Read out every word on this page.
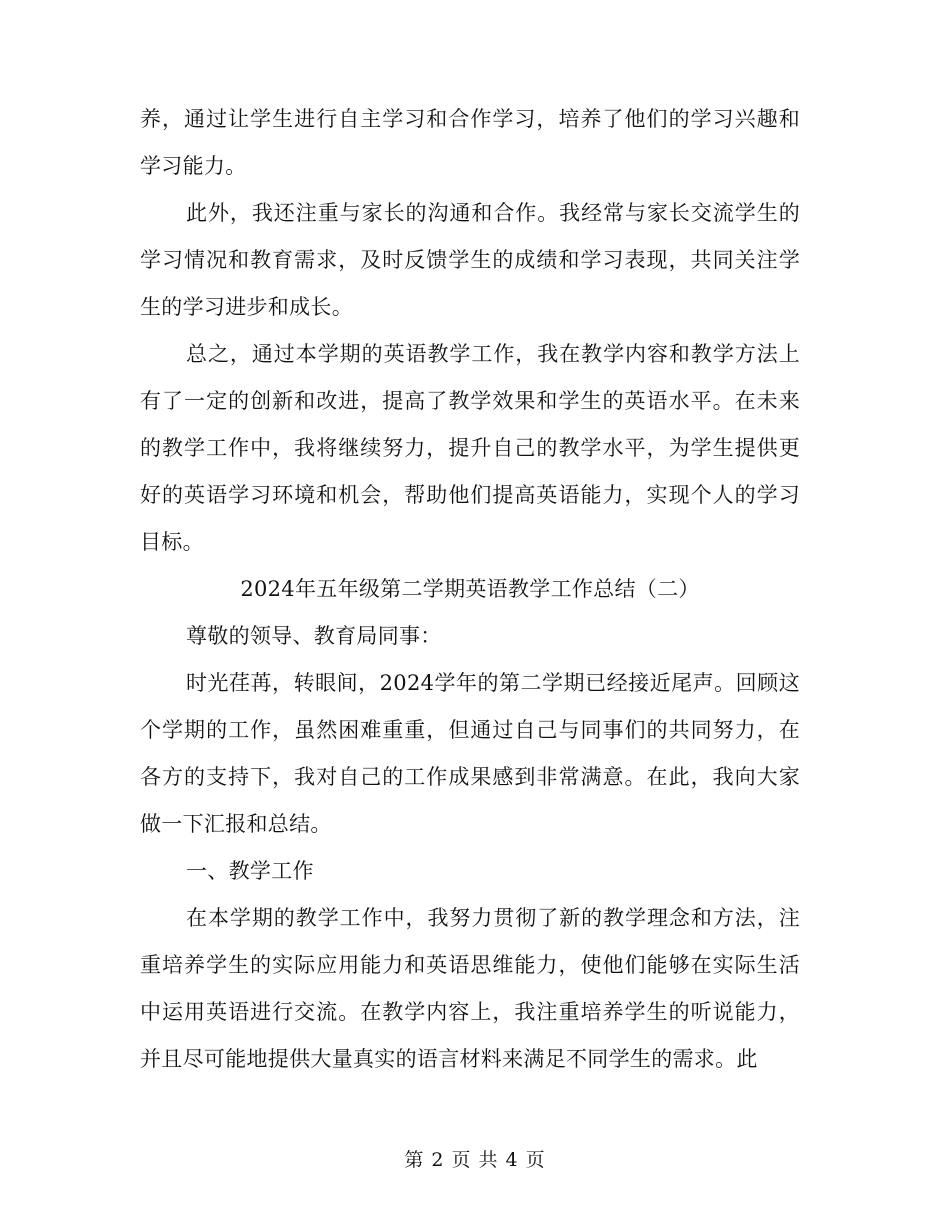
养，通过让学生进行自主学习和合作学习，培养了他们的学习兴趣和学习能力。

此外，我还注重与家长的沟通和合作。我经常与家长交流学生的学习情况和教育需求，及时反馈学生的成绩和学习表现，共同关注学生的学习进步和成长。

总之，通过本学期的英语教学工作，我在教学内容和教学方法上有了一定的创新和改进，提高了教学效果和学生的英语水平。在未来的教学工作中，我将继续努力，提升自己的教学水平，为学生提供更好的英语学习环境和机会，帮助他们提高英语能力，实现个人的学习目标。

2024年五年级第二学期英语教学工作总结（二）

尊敬的领导、教育局同事：

时光荏苒，转眼间，2024学年的第二学期已经接近尾声。回顾这个学期的工作，虽然困难重重，但通过自己与同事们的共同努力，在各方的支持下，我对自己的工作成果感到非常满意。在此，我向大家做一下汇报和总结。

一、教学工作

在本学期的教学工作中，我努力贯彻了新的教学理念和方法，注重培养学生的实际应用能力和英语思维能力，使他们能够在实际生活中运用英语进行交流。在教学内容上，我注重培养学生的听说能力，并且尽可能地提供大量真实的语言材料来满足不同学生的需求。此

第 2 页 共 4 页
